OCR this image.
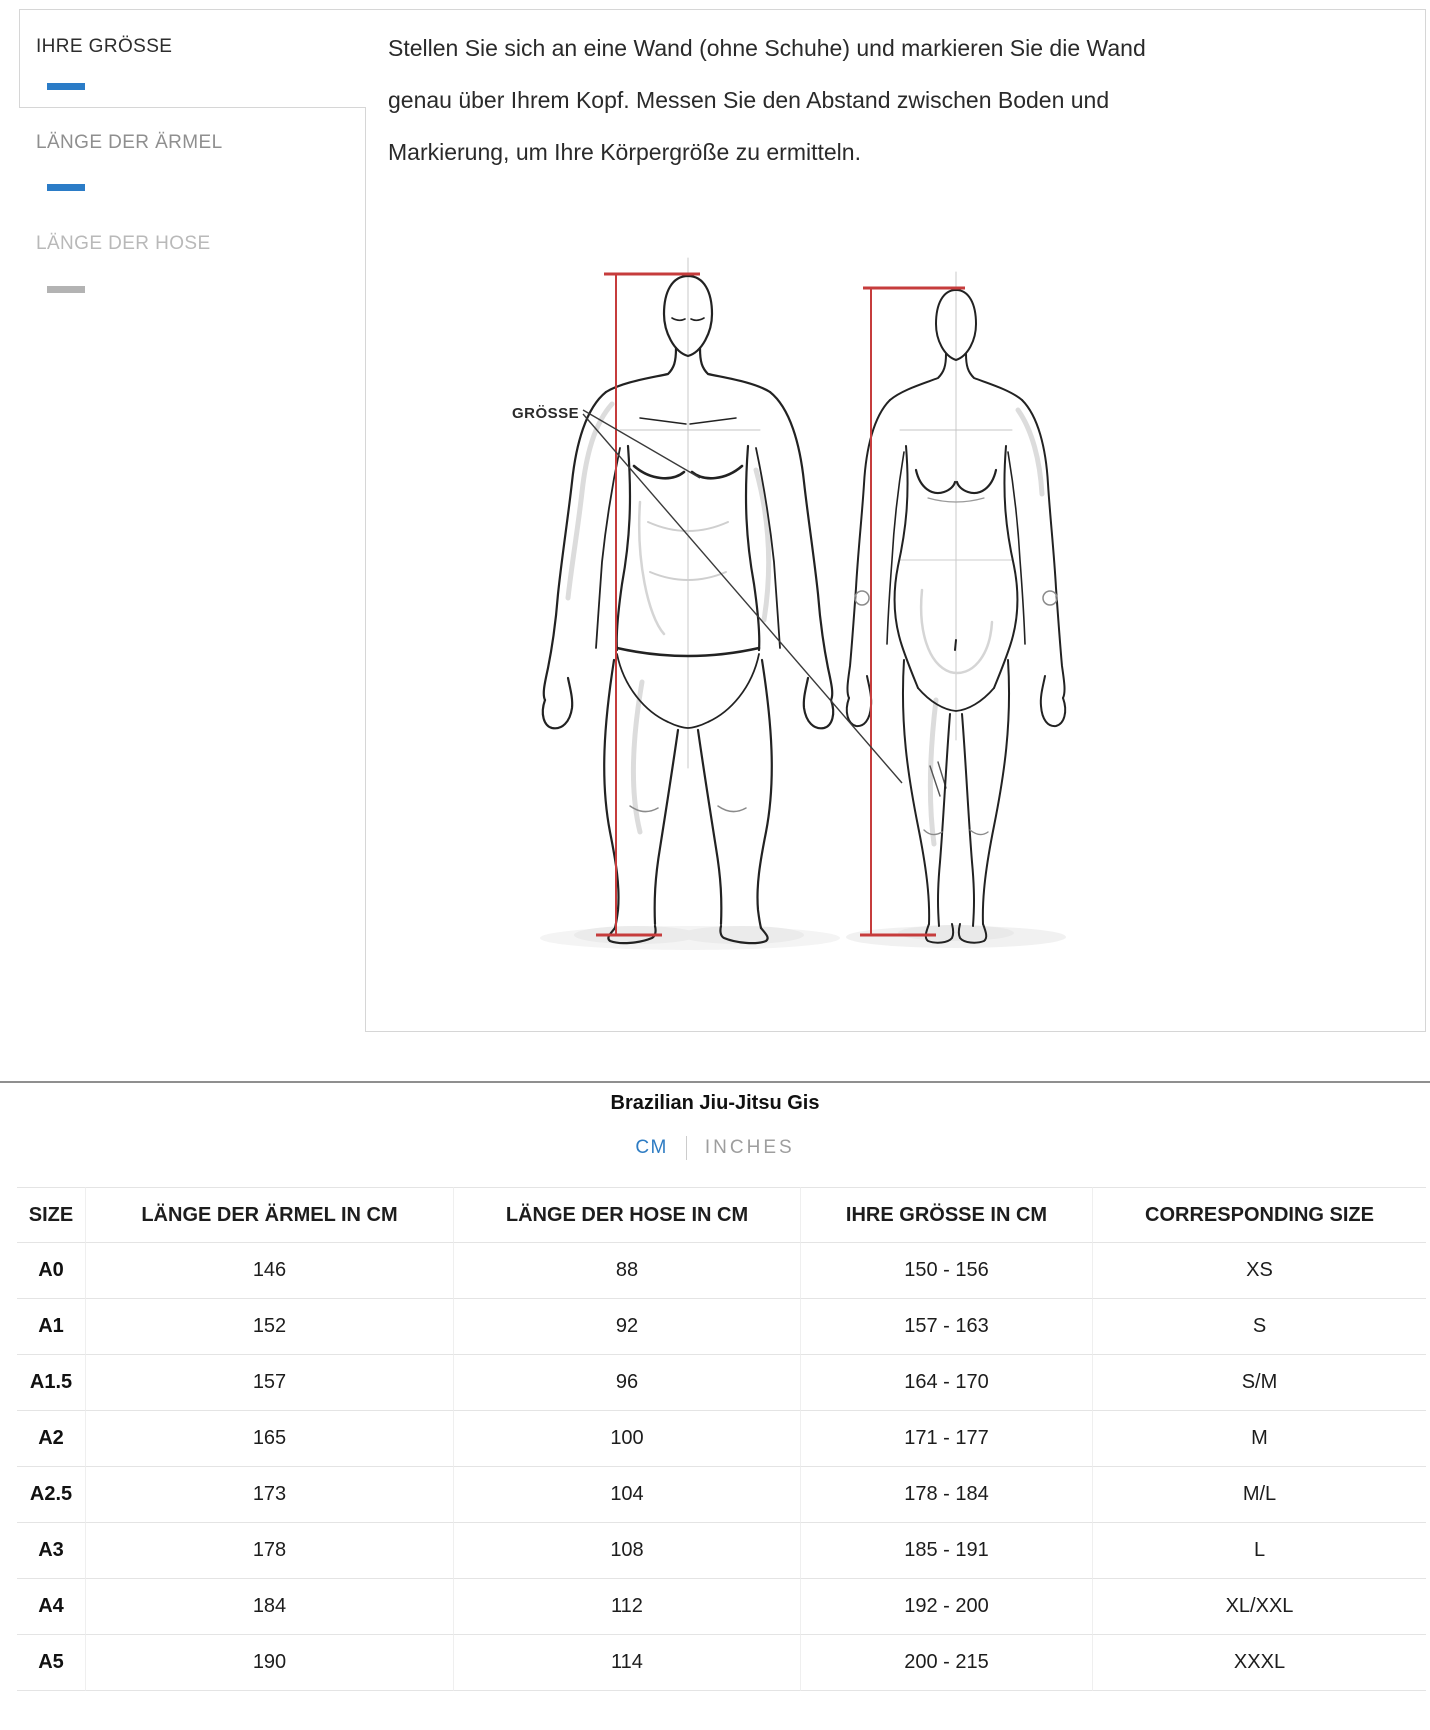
IHRE GRÖSSE
LÄNGE DER ÄRMEL
LÄNGE DER HOSE
Stellen Sie sich an eine Wand (ohne Schuhe) und markieren Sie die Wand
genau über Ihrem Kopf. Messen Sie den Abstand zwischen Boden und
Markierung, um Ihre Körpergröße zu ermitteln.
GRÖSSE
Brazilian Jiu-Jitsu Gis
CM INCHES
SIZE	LÄNGE DER ÄRMEL IN CM	LÄNGE DER HOSE IN CM	IHRE GRÖSSE IN CM	CORRESPONDING SIZE
A0	146	88	150 - 156	XS
A1	152	92	157 - 163	S
A1.5	157	96	164 - 170	S/M
A2	165	100	171 - 177	M
A2.5	173	104	178 - 184	M/L
A3	178	108	185 - 191	L
A4	184	112	192 - 200	XL/XXL
A5	190	114	200 - 215	XXXL
